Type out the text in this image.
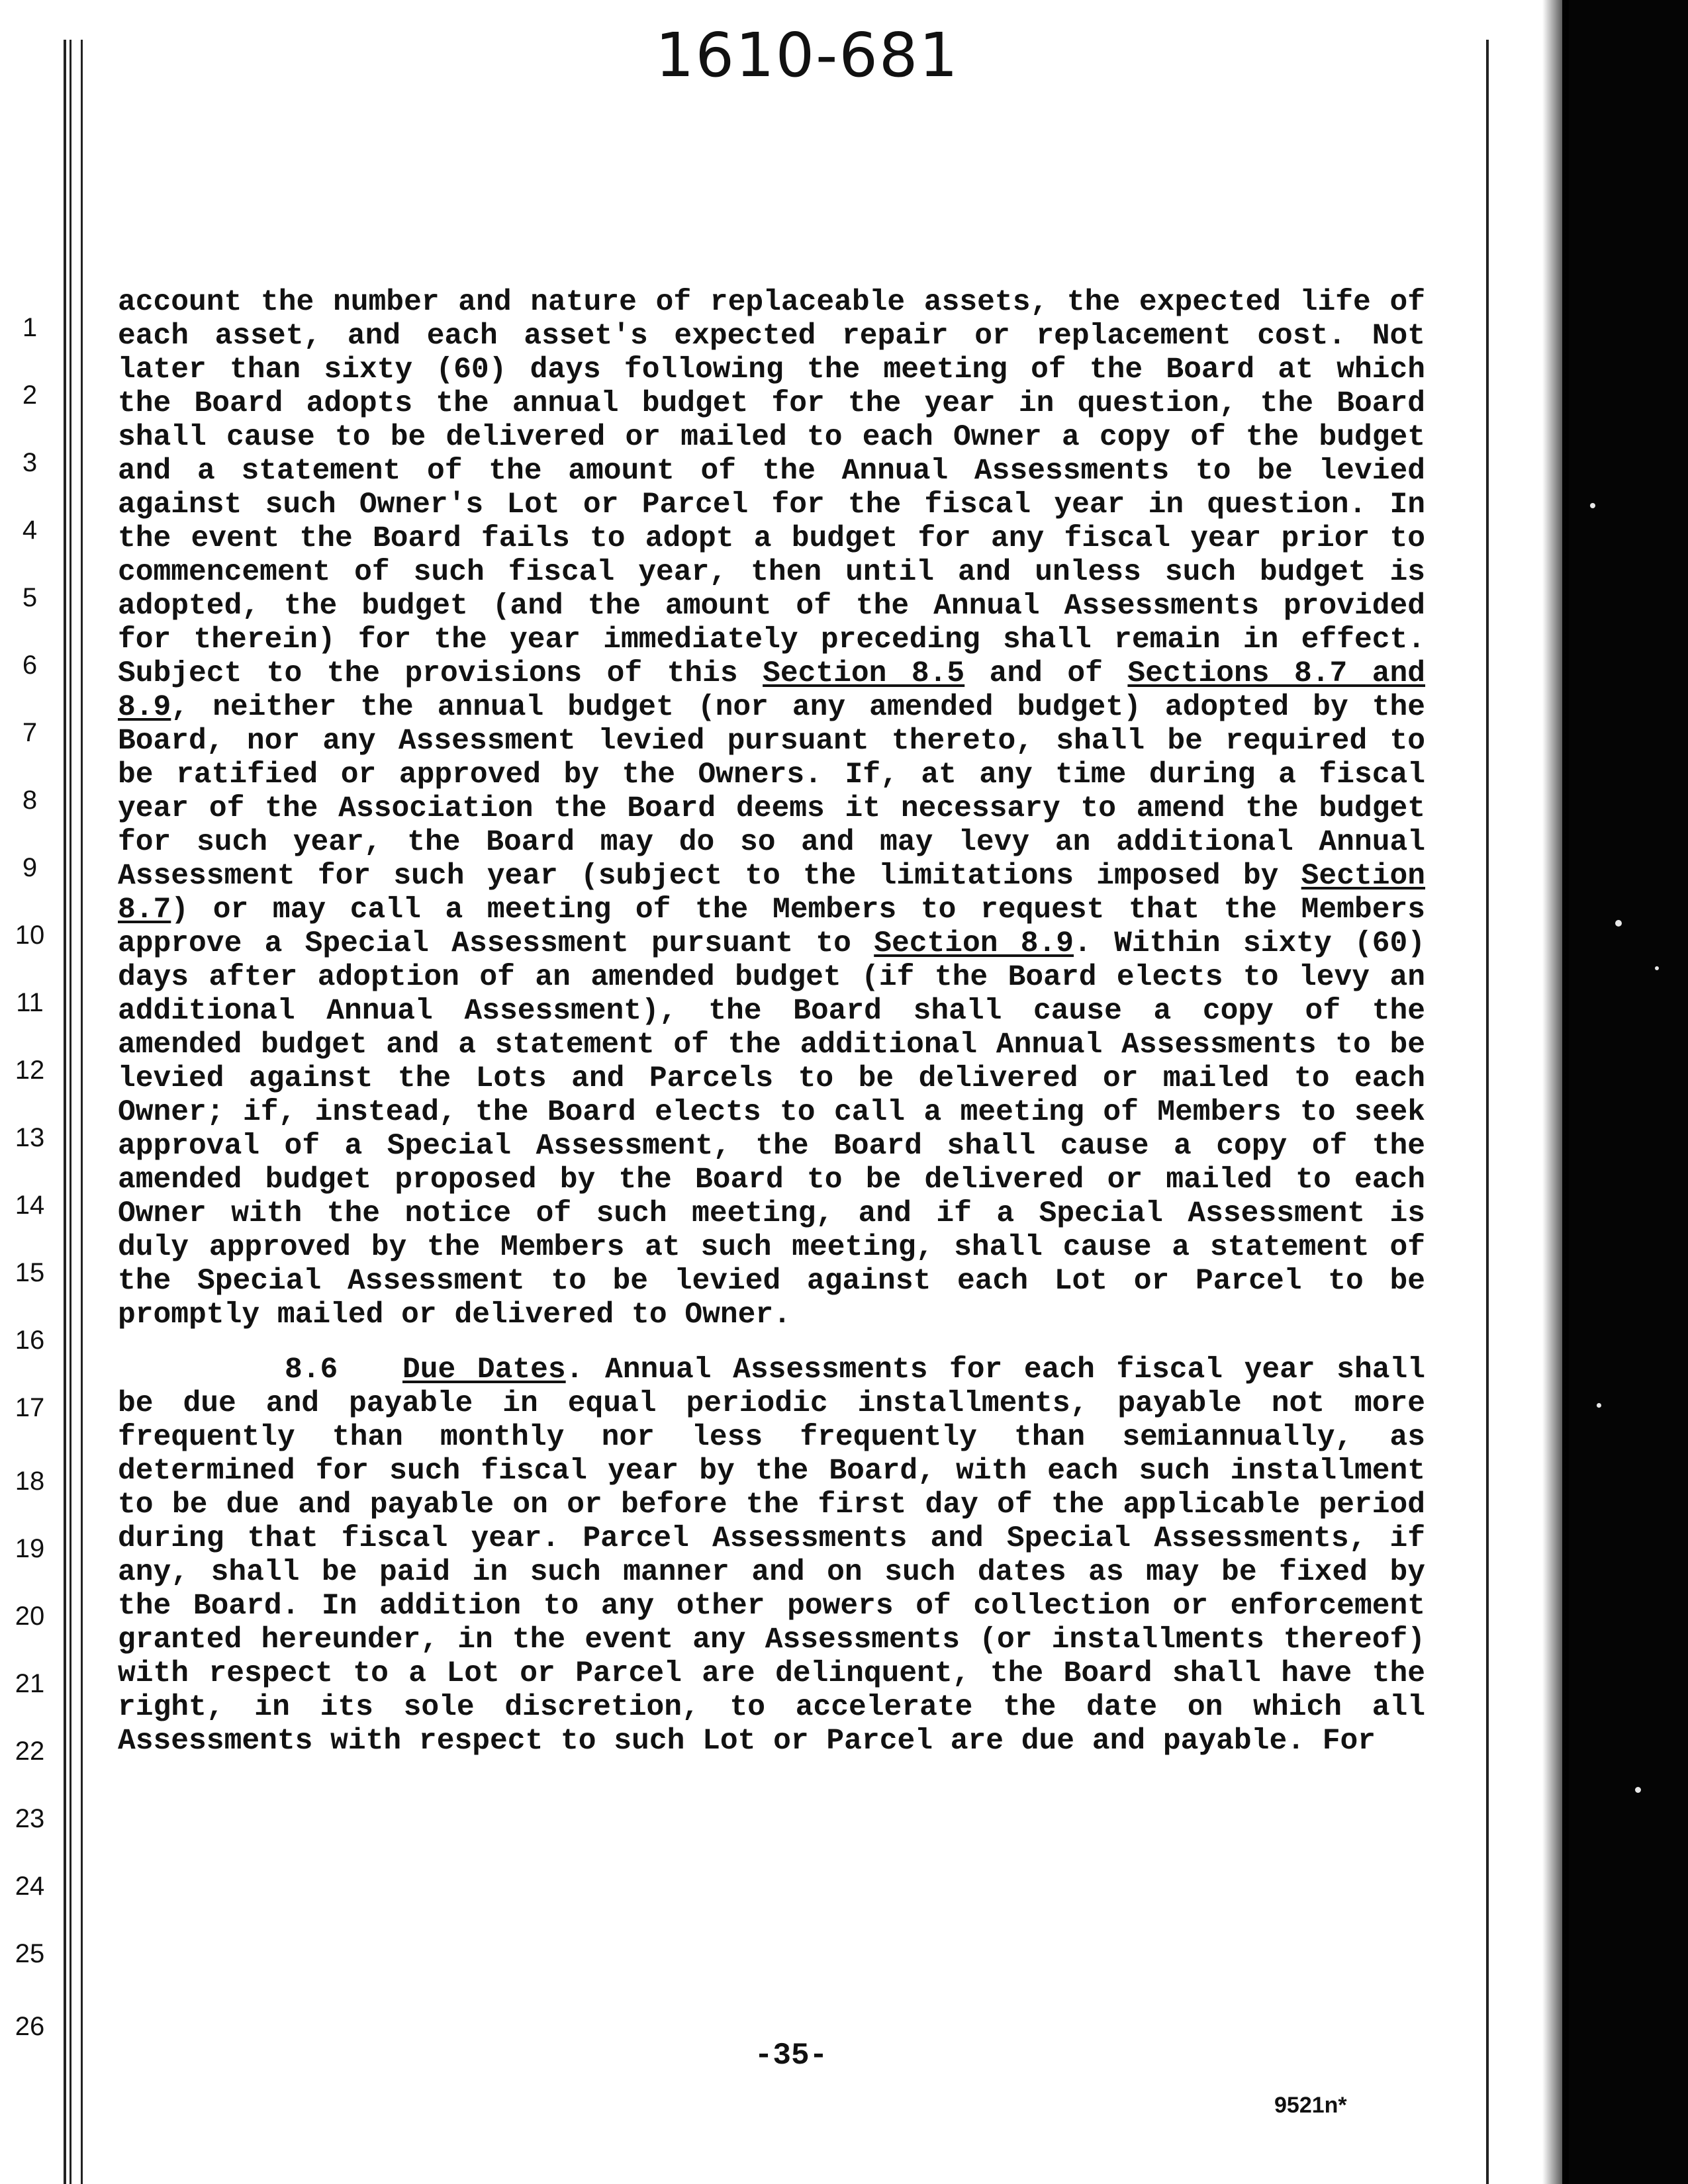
1610-681
1
2
3
4
5
6
7
8
9
10
11
12
13
14
15
16
17
18
19
20
21
22
23
24
25
26

account the number and nature of replaceable assets, the expected life of each asset, and each asset's expected repair or replacement cost. Not later than sixty (60) days following the meeting of the Board at which the Board adopts the annual budget for the year in question, the Board shall cause to be delivered or mailed to each Owner a copy of the budget and a statement of the amount of the Annual Assessments to be levied against such Owner's Lot or Parcel for the fiscal year in question. In the event the Board fails to adopt a budget for any fiscal year prior to commencement of such fiscal year, then until and unless such budget is adopted, the budget (and the amount of the Annual Assessments provided for therein) for the year immediately preceding shall remain in effect. Subject to the provisions of this Section 8.5 and of Sections 8.7 and 8.9, neither the annual budget (nor any amended budget) adopted by the Board, nor any Assessment levied pursuant thereto, shall be required to be ratified or approved by the Owners. If, at any time during a fiscal year of the Association the Board deems it necessary to amend the budget for such year, the Board may do so and may levy an additional Annual Assessment for such year (subject to the limitations imposed by Section 8.7) or may call a meeting of the Members to request that the Members approve a Special Assessment pursuant to Section 8.9. Within sixty (60) days after adoption of an amended budget (if the Board elects to levy an additional Annual Assessment), the Board shall cause a copy of the amended budget and a statement of the additional Annual Assessments to be levied against the Lots and Parcels to be delivered or mailed to each Owner; if, instead, the Board elects to call a meeting of Members to seek approval of a Special Assessment, the Board shall cause a copy of the amended budget proposed by the Board to be delivered or mailed to each Owner with the notice of such meeting, and if a Special Assessment is duly approved by the Members at such meeting, shall cause a statement of the Special Assessment to be levied against each Lot or Parcel to be promptly mailed or delivered to Owner.

8.6 Due Dates. Annual Assessments for each fiscal year shall be due and payable in equal periodic installments, payable not more frequently than monthly nor less frequently than semiannually, as determined for such fiscal year by the Board, with each such installment to be due and payable on or before the first day of the applicable period during that fiscal year. Parcel Assessments and Special Assessments, if any, shall be paid in such manner and on such dates as may be fixed by the Board. In addition to any other powers of collection or enforcement granted hereunder, in the event any Assessments (or installments thereof) with respect to a Lot or Parcel are delinquent, the Board shall have the right, in its sole discretion, to accelerate the date on which all Assessments with respect to such Lot or Parcel are due and payable. For

-35-
9521n*
